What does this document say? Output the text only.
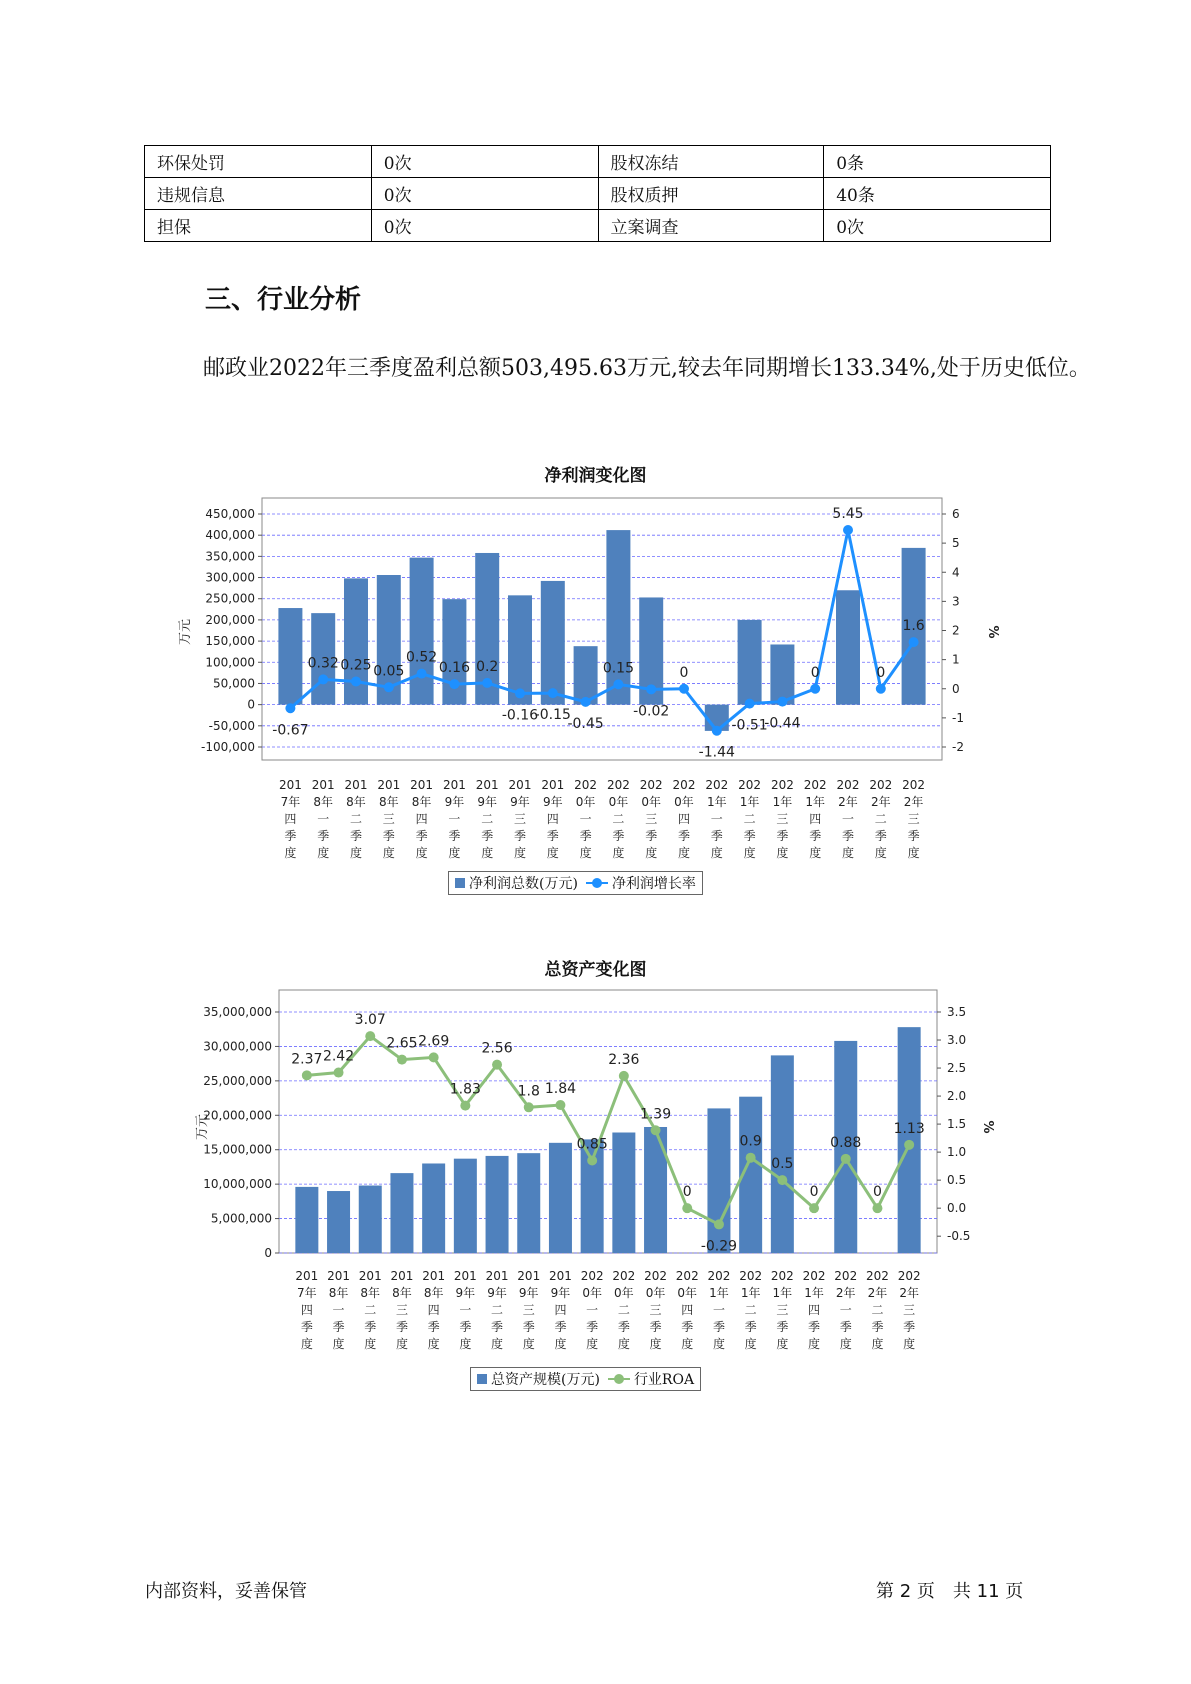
环保处罚	0次	股权冻结	0条
违规信息	0次	股权质押	40条
担保	0次	立案调查	0次
三、行业分析
邮政业2022年三季度盈利总额503,495.63万元,较去年同期增长133.34%,处于历史低位。
净利润变化图
450,000
400,000
350,000
300,000
250,000
200,000
150,000
100,000
50,000
0
-50,000
-100,000
6
5
4
3
2
1
0
-1
-2
万元	%
-0.67
0.32 0.25 0.05
0.52
0.16 0.2
-0.16
-0.15
-0.45
0.15
-0.02
0
-1.44
-0.51
-0.44
0
5.45
0
1.6
201
7年
四
季
度
201
8年
一
季
度
201
8年
二
季
度
201
8年
三
季
度
201
8年
四
季
度
201
9年
一
季
度
201
9年
二
季
度
201
9年
三
季
度
201
9年
四
季
度
202
0年
一
季
度
202
0年
二
季
度
202
0年
三
季
度
202
0年
四
季
度
202
1年
一
季
度
202
1年
二
季
度
202
1年
三
季
度
202
1年
四
季
度
202
2年
一
季
度
202
2年
二
季
度
202
2年
三
季
度
净利润总数(万元) 净利润增长率
总资产变化图
35,000,000
30,000,000
25,000,000
20,000,000
15,000,000
10,000,000
5,000,000
0
3.5
3.0
2.5
2.0
1.5
1.0
0.5
0.0
-0.5
万元	%
2.37 2.42
3.07
2.65 2.69
1.83
2.56
1.8 1.84
0.85
2.36
1.39
0
-0.29
0.9
0.5
0
0.88
0
1.13
201
7年
四
季
度
201
8年
一
季
度
201
8年
二
季
度
201
8年
三
季
度
201
8年
四
季
度
201
9年
一
季
度
201
9年
二
季
度
201
9年
三
季
度
201
9年
四
季
度
202
0年
一
季
度
202
0年
二
季
度
202
0年
三
季
度
202
0年
四
季
度
202
1年
一
季
度
202
1年
二
季
度
202
1年
三
季
度
202
1年
四
季
度
202
2年
一
季
度
202
2年
二
季
度
202
2年
三
季
度
总资产规模(万元) 行业ROA
内部资料，妥善保管	第 2 页　共 11 页
